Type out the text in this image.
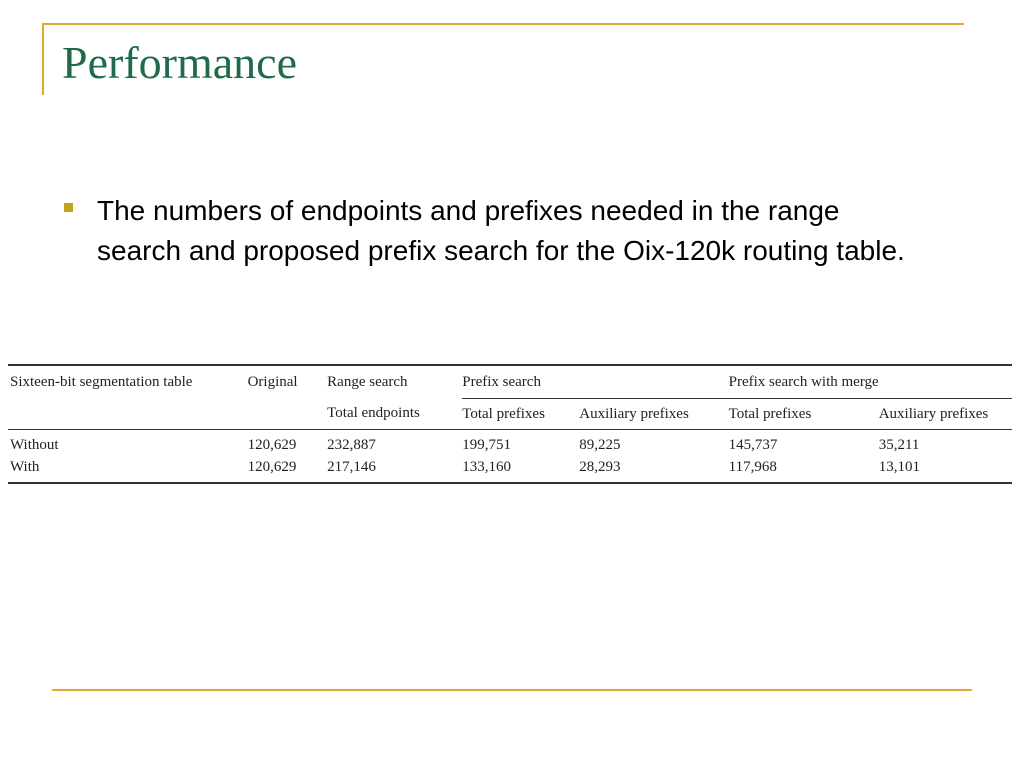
Performance
The numbers of endpoints and prefixes needed in the range search and proposed prefix search for the Oix-120k routing table.
Sixteen-bit segmentation table	Original	Range search	Prefix search		Prefix search with merge	
		Total endpoints	Total prefixes	Auxiliary prefixes	Total prefixes	Auxiliary prefixes
Without	120,629	232,887	199,751	89,225	145,737	35,211
With	120,629	217,146	133,160	28,293	117,968	13,101
